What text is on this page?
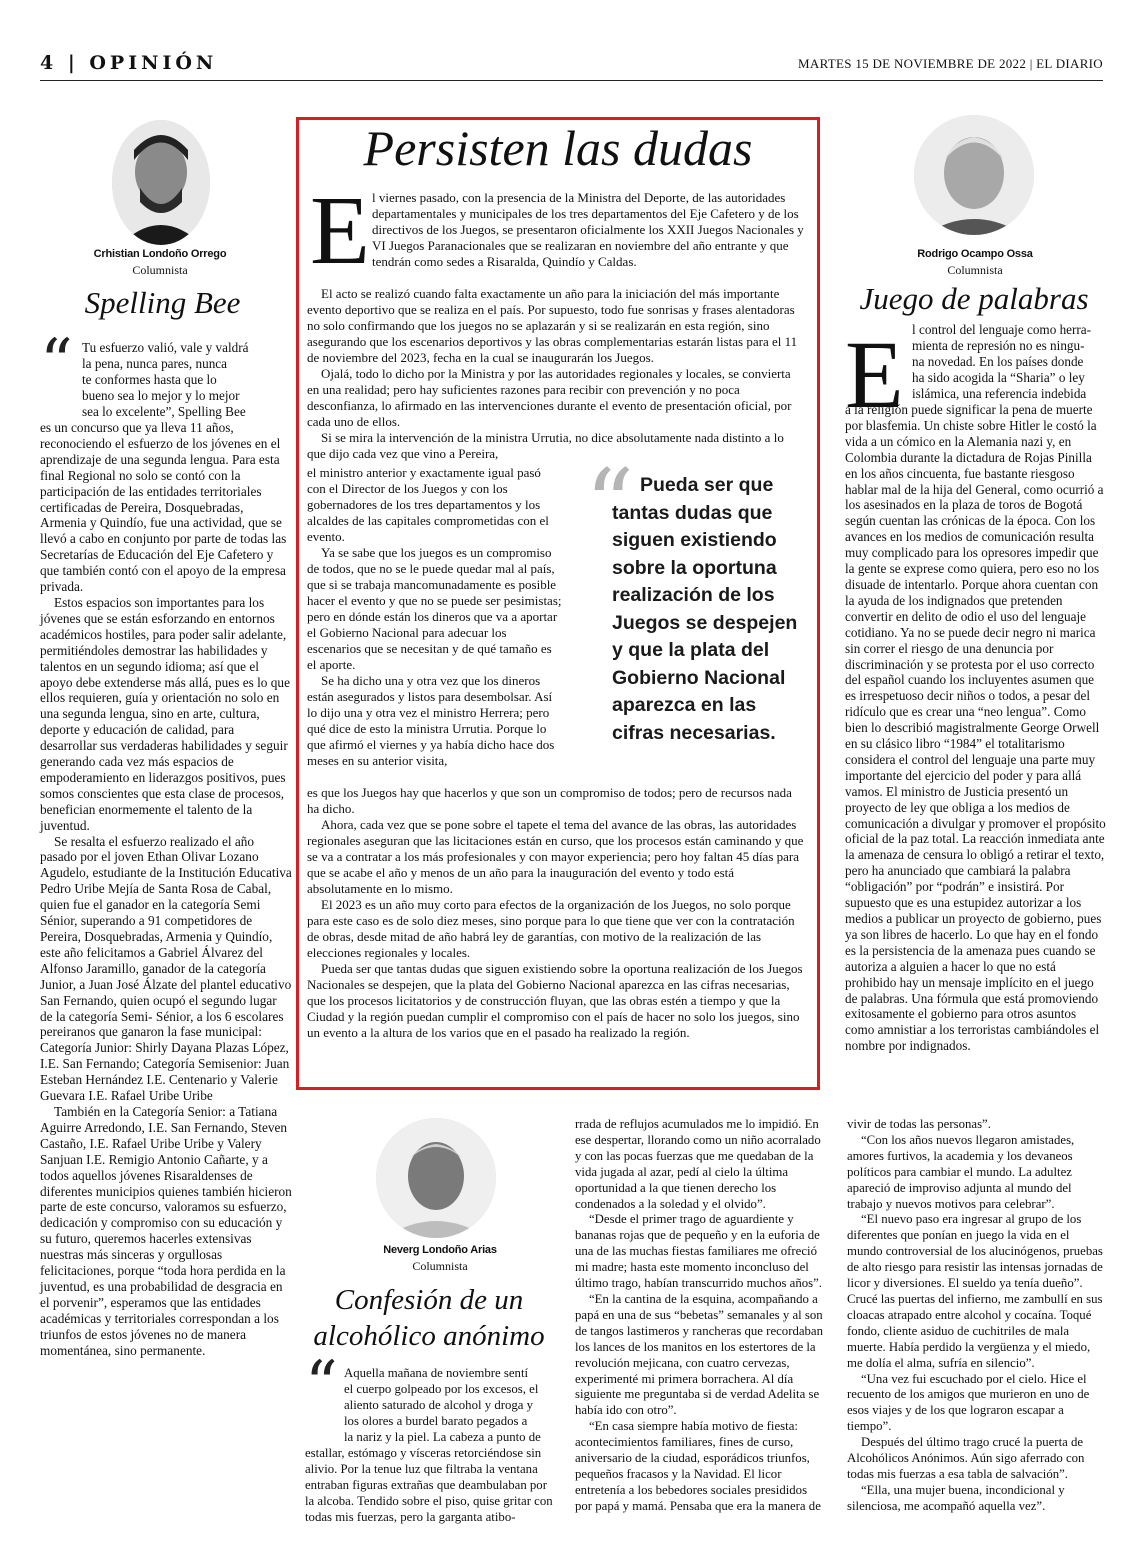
4 | OPINIÓN	MARTES 15 DE NOVIEMBRE DE 2022 | EL DIARIO
Crhistian Londoño Orrego
Columnista
Spelling Bee
“ Tu esfuerzo valió, vale y valdrá
la pena, nunca pares, nunca
te conformes hasta que lo
bueno sea lo mejor y lo mejor
sea lo excelente”, Spelling Bee

es un concurso que ya lleva 11 años, reconociendo el esfuerzo de los jóvenes en el aprendizaje de una segunda lengua. Para esta final Regional no solo se contó con la participación de las entidades territoriales certificadas de Pereira, Dosquebradas, Armenia y Quindío, fue una actividad, que se llevó a cabo en conjunto por parte de todas las Secretarías de Educación del Eje Cafetero y que también contó con el apoyo de la empresa privada.

Estos espacios son importantes para los jóvenes que se están esforzando en entornos académicos hostiles, para poder salir adelante, permitiéndoles demostrar las habilidades y talentos en un segundo idioma; así que el apoyo debe extenderse más allá, pues es lo que ellos requieren, guía y orientación no solo en una segunda lengua, sino en arte, cultura, deporte y educación de calidad, para desarrollar sus verdaderas habilidades y seguir generando cada vez más espacios de empoderamiento en liderazgos positivos, pues somos conscientes que esta clase de procesos, benefician enormemente el talento de la juventud.

Se resalta el esfuerzo realizado el año pasado por el joven Ethan Olivar Lozano Agudelo, estudiante de la Institución Educativa Pedro Uribe Mejía de Santa Rosa de Cabal, quien fue el ganador en la categoría Semi Sénior, superando a 91 competidores de Pereira, Dosquebradas, Armenia y Quindío, este año felicitamos a Gabriel Álvarez del Alfonso Jaramillo, ganador de la categoría Junior, a Juan José Álzate del plantel educativo San Fernando, quien ocupó el segundo lugar de la categoría Semi- Sénior, a los 6 escolares pereiranos que ganaron la fase municipal: Categoría Junior: Shirly Dayana Plazas López, I.E. San Fernando; Categoría Semisenior: Juan Esteban Hernández I.E. Centenario y Valerie Guevara I.E. Rafael Uribe Uribe

También en la Categoría Senior: a Tatiana Aguirre Arredondo, I.E. San Fernando, Steven Castaño, I.E. Rafael Uribe Uribe y Valery Sanjuan I.E. Remigio Antonio Cañarte, y a todos aquellos jóvenes Risaraldenses de diferentes municipios quienes también hicieron parte de este concurso, valoramos su esfuerzo, dedicación y compromiso con su educación y su futuro, queremos hacerles extensivas nuestras más sinceras y orgullosas felicitaciones, porque “toda hora perdida en la juventud, es una probabilidad de desgracia en el porvenir”, esperamos que las entidades académicas y territoriales correspondan a los triunfos de estos jóvenes no de manera momentánea, sino permanente.

Persisten las dudas
E l viernes pasado, con la presencia de la Ministra del Deporte, de las autoridades departamentales y municipales de los tres departamentos del Eje Cafetero y de los directivos de los Juegos, se presentaron oficialmente los XXII Juegos Nacionales y VI Juegos Paranacionales que se realizaran en noviembre del año entrante y que tendrán como sedes a Risaralda, Quindío y Caldas.

El acto se realizó cuando falta exactamente un año para la iniciación del más importante evento deportivo que se realiza en el país. Por supuesto, todo fue sonrisas y frases alentadoras no solo confirmando que los juegos no se aplazarán y si se realizarán en esta región, sino asegurando que los escenarios deportivos y las obras complementarias estarán listas para el 11 de noviembre del 2023, fecha en la cual se inaugurarán los Juegos.

Ojalá, todo lo dicho por la Ministra y por las autoridades regionales y locales, se convierta en una realidad; pero hay suficientes razones para recibir con prevención y no poca desconfianza, lo afirmado en las intervenciones durante el evento de presentación oficial, por cada uno de ellos.

Si se mira la intervención de la ministra Urrutia, no dice absolutamente nada distinto a lo que dijo cada vez que vino a Pereira,

el ministro anterior y exactamente igual pasó con el Director de los Juegos y con los gobernadores de los tres departamentos y los alcaldes de las capitales comprometidas con el evento.

Ya se sabe que los juegos es un compromiso de todos, que no se le puede quedar mal al país, que si se trabaja mancomunadamente es posible hacer el evento y que no se puede ser pesimistas; pero en dónde están los dineros que va a aportar el Gobierno Nacional para adecuar los escenarios que se necesitan y de qué tamaño es el aporte.

Se ha dicho una y otra vez que los dineros están asegurados y listos para desembolsar. Así lo dijo una y otra vez el ministro Herrera; pero qué dice de esto la ministra Urrutia. Porque lo que afirmó el viernes y ya había dicho hace dos meses en su anterior visita,

“ Pueda ser que tantas dudas que siguen existiendo sobre la oportuna realización de los Juegos se despejen y que la plata del Gobierno Nacional aparezca en las cifras necesarias.

es que los Juegos hay que hacerlos y que son un compromiso de todos; pero de recursos nada ha dicho.

Ahora, cada vez que se pone sobre el tapete el tema del avance de las obras, las autoridades regionales aseguran que las licitaciones están en curso, que los procesos están caminando y que se va a contratar a los más profesionales y con mayor experiencia; pero hoy faltan 45 días para que se acabe el año y menos de un año para la inauguración del evento y todo está absolutamente en lo mismo.

El 2023 es un año muy corto para efectos de la organización de los Juegos, no solo porque para este caso es de solo diez meses, sino porque para lo que tiene que ver con la contratación de obras, desde mitad de año habrá ley de garantías, con motivo de la realización de las elecciones regionales y locales.

Pueda ser que tantas dudas que siguen existiendo sobre la oportuna realización de los Juegos Nacionales se despejen, que la plata del Gobierno Nacional aparezca en las cifras necesarias, que los procesos licitatorios y de construcción fluyan, que las obras estén a tiempo y que la Ciudad y la región puedan cumplir el compromiso con el país de hacer no solo los juegos, sino un evento a la altura de los varios que en el pasado ha realizado la región.

Rodrigo Ocampo Ossa
Columnista
Juego de palabras
E l control del lenguaje como herra-
mienta de represión no es ningu-
na novedad. En los países donde
ha sido acogida la “Sharia” o ley
islámica, una referencia indebida

a la religión puede significar la pena de muerte por blasfemia. Un chiste sobre Hitler le costó la vida a un cómico en la Alemania nazi y, en Colombia durante la dictadura de Rojas Pinilla en los años cincuenta, fue bastante riesgoso hablar mal de la hija del General, como ocurrió a los asesinados en la plaza de toros de Bogotá según cuentan las crónicas de la época. Con los avances en los medios de comunicación resulta muy complicado para los opresores impedir que la gente se exprese como quiera, pero eso no los disuade de intentarlo. Porque ahora cuentan con la ayuda de los indignados que pretenden convertir en delito de odio el uso del lenguaje cotidiano. Ya no se puede decir negro ni marica sin correr el riesgo de una denuncia por discriminación y se protesta por el uso correcto del español cuando los incluyentes asumen que es irrespetuoso decir niños o todos, a pesar del ridículo que es crear una “neo lengua”. Como bien lo describió magistralmente George Orwell en su clásico libro “1984” el totalitarismo considera el control del lenguaje una parte muy importante del ejercicio del poder y para allá vamos. El ministro de Justicia presentó un proyecto de ley que obliga a los medios de comunicación a divulgar y promover el propósito oficial de la paz total. La reacción inmediata ante la amenaza de censura lo obligó a retirar el texto, pero ha anunciado que cambiará la palabra “obligación” por “podrán” e insistirá. Por supuesto que es una estupidez autorizar a los medios a publicar un proyecto de gobierno, pues ya son libres de hacerlo. Lo que hay en el fondo es la persistencia de la amenaza pues cuando se autoriza a alguien a hacer lo que no está prohibido hay un mensaje implícito en el juego de palabras. Una fórmula que está promoviendo exitosamente el gobierno para otros asuntos como amnistiar a los terroristas cambiándoles el nombre por indignados.

Neverg Londoño Arias
Columnista
Confesión de un alcohólico anónimo
“ Aquella mañana de noviembre sentí
el cuerpo golpeado por los excesos, el
aliento saturado de alcohol y droga y
los olores a burdel barato pegados a

la nariz y la piel. La cabeza a punto de estallar, estómago y vísceras retorciéndose sin alivio. Por la tenue luz que filtraba la ventana entraban figuras extrañas que deambulaban por la alcoba. Tendido sobre el piso, quise gritar con todas mis fuerzas, pero la garganta atibo-

rrada de reflujos acumulados me lo impidió. En ese despertar, llorando como un niño acorralado y con las pocas fuerzas que me quedaban de la vida jugada al azar, pedí al cielo la última oportunidad a la que tienen derecho los condenados a la soledad y el olvido”.

“Desde el primer trago de aguardiente y bananas rojas que de pequeño y en la euforia de una de las muchas fiestas familiares me ofreció mi madre; hasta este momento inconcluso del último trago, habían transcurrido muchos años”.

“En la cantina de la esquina, acompañando a papá en una de sus “bebetas” semanales y al son de tangos lastimeros y rancheras que recordaban los lances de los manitos en los estertores de la revolución mejicana, con cuatro cervezas, experimenté mi primera borrachera. Al día siguiente me preguntaba si de verdad Adelita se había ido con otro”.

“En casa siempre había motivo de fiesta: acontecimientos familiares, fines de curso, aniversario de la ciudad, esporádicos triunfos, pequeños fracasos y la Navidad. El licor entretenía a los bebedores sociales presididos por papá y mamá. Pensaba que era la manera de

vivir de todas las personas”.

“Con los años nuevos llegaron amistades, amores furtivos, la academia y los devaneos políticos para cambiar el mundo. La adultez apareció de improviso adjunta al mundo del trabajo y nuevos motivos para celebrar”.

“El nuevo paso era ingresar al grupo de los diferentes que ponían en juego la vida en el mundo controversial de los alucinógenos, pruebas de alto riesgo para resistir las intensas jornadas de licor y diversiones. El sueldo ya tenía dueño”. Crucé las puertas del infierno, me zambullí en sus cloacas atrapado entre alcohol y cocaína. Toqué fondo, cliente asiduo de cuchitriles de mala muerte. Había perdido la vergüenza y el miedo, me dolía el alma, sufría en silencio”.

“Una vez fui escuchado por el cielo. Hice el recuento de los amigos que murieron en uno de esos viajes y de los que lograron escapar a tiempo”.

Después del último trago crucé la puerta de Alcohólicos Anónimos. Aún sigo aferrado con todas mis fuerzas a esa tabla de salvación”.

“Ella, una mujer buena, incondicional y silenciosa, me acompañó aquella vez”.
